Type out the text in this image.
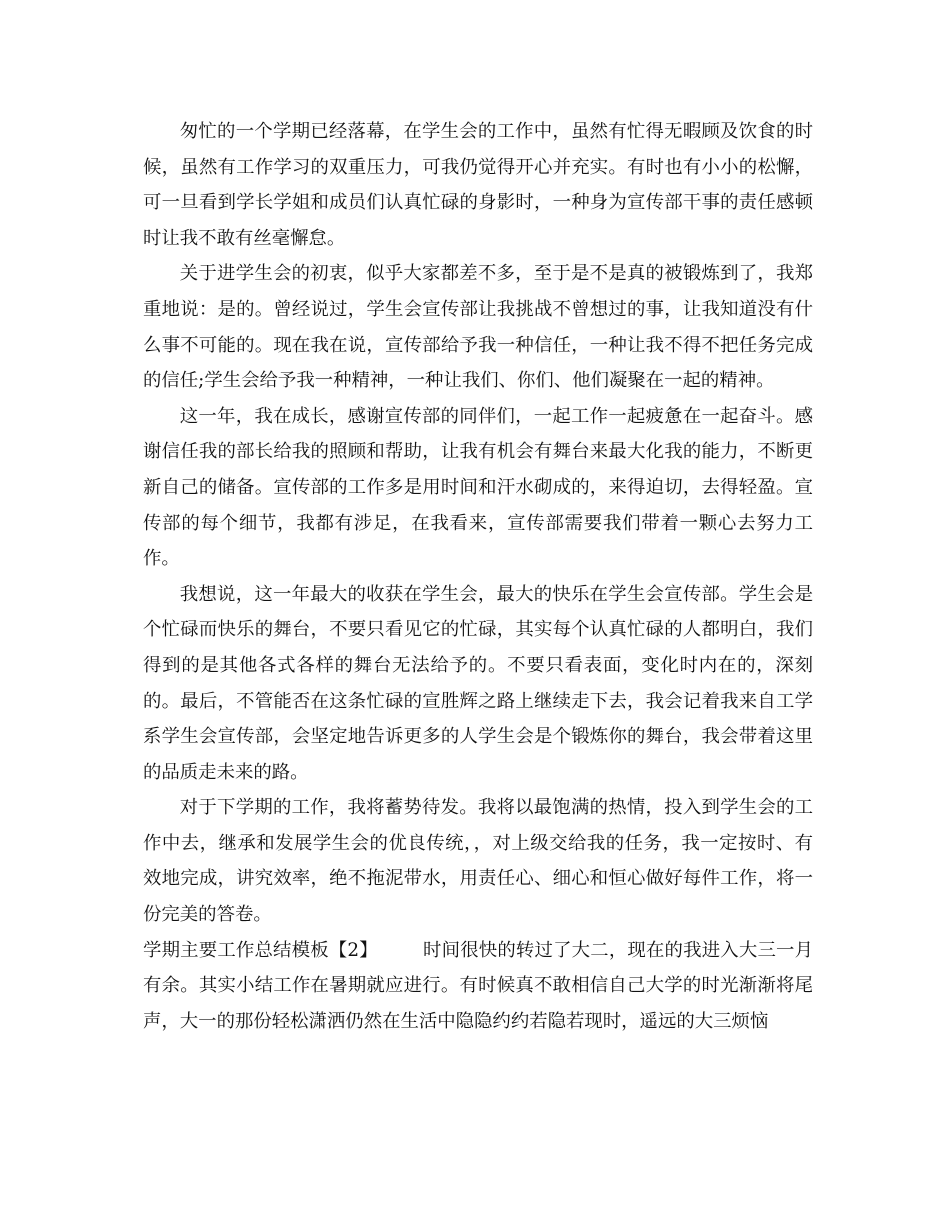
匆忙的一个学期已经落幕，在学生会的工作中，虽然有忙得无暇顾及饮食的时候，虽然有工作学习的双重压力，可我仍觉得开心并充实。有时也有小小的松懈，可一旦看到学长学姐和成员们认真忙碌的身影时，一种身为宣传部干事的责任感顿时让我不敢有丝毫懈怠。

关于进学生会的初衷，似乎大家都差不多，至于是不是真的被锻炼到了，我郑重地说：是的。曾经说过，学生会宣传部让我挑战不曾想过的事，让我知道没有什么事不可能的。现在我在说，宣传部给予我一种信任，一种让我不得不把任务完成的信任;学生会给予我一种精神，一种让我们、你们、他们凝聚在一起的精神。

这一年，我在成长，感谢宣传部的同伴们，一起工作一起疲惫在一起奋斗。感谢信任我的部长给我的照顾和帮助，让我有机会有舞台来最大化我的能力，不断更新自己的储备。宣传部的工作多是用时间和汗水砌成的，来得迫切，去得轻盈。宣传部的每个细节，我都有涉足，在我看来，宣传部需要我们带着一颗心去努力工作。

我想说，这一年最大的收获在学生会，最大的快乐在学生会宣传部。学生会是个忙碌而快乐的舞台，不要只看见它的忙碌，其实每个认真忙碌的人都明白，我们得到的是其他各式各样的舞台无法给予的。不要只看表面，变化时内在的，深刻的。最后，不管能否在这条忙碌的宣胜辉之路上继续走下去，我会记着我来自工学系学生会宣传部，会坚定地告诉更多的人学生会是个锻炼你的舞台，我会带着这里的品质走未来的路。

对于下学期的工作，我将蓄势待发。我将以最饱满的热情，投入到学生会的工作中去，继承和发展学生会的优良传统，，对上级交给我的任务，我一定按时、有效地完成，讲究效率，绝不拖泥带水，用责任心、细心和恒心做好每件工作，将一份完美的答卷。

学期主要工作总结模板【2】 时间很快的转过了大二，现在的我进入大三一月有余。其实小结工作在暑期就应进行。有时候真不敢相信自己大学的时光渐渐将尾声，大一的那份轻松潇洒仍然在生活中隐隐约约若隐若现时，遥远的大三烦恼
